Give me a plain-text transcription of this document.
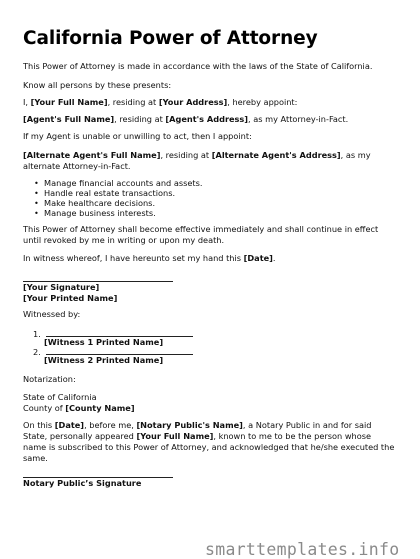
California Power of Attorney

This Power of Attorney is made in accordance with the laws of the State of California.

Know all persons by these presents:

I, [Your Full Name], residing at [Your Address], hereby appoint:

[Agent's Full Name], residing at [Agent's Address], as my Attorney-in-Fact.

If my Agent is unable or unwilling to act, then I appoint:

[Alternate Agent's Full Name], residing at [Alternate Agent's Address], as my
alternate Attorney-in-Fact.

• Manage financial accounts and assets.
• Handle real estate transactions.
• Make healthcare decisions.
• Manage business interests.

This Power of Attorney shall become effective immediately and shall continue in effect
until revoked by me in writing or upon my death.

In witness whereof, I have hereunto set my hand this [Date].

[Your Signature]
[Your Printed Name]

Witnessed by:

1.

[Witness 1 Printed Name]

2.

[Witness 2 Printed Name]

Notarization:

State of California
County of [County Name]

On this [Date], before me, [Notary Public's Name], a Notary Public in and for said
State, personally appeared [Your Full Name], known to me to be the person whose
name is subscribed to this Power of Attorney, and acknowledged that he/she executed the
same.

Notary Public’s Signature

smarttemplates.info
